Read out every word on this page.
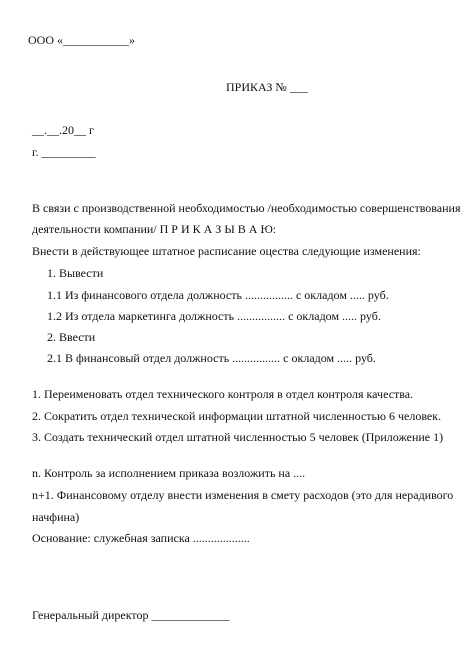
ООО «___________»
ПРИКАЗ № ___
__.__.20__ г
г. _________
В связи с производственной необходимостью /необходимостью совершенствования
деятельности компании/ П Р И К А З Ы В А Ю:
Внести в действующее штатное расписание оцества следующие изменения:
1. Вывести
1.1 Из финансового отдела должность ................ с окладом ..... руб.
1.2 Из отдела маркетинга должность ................ с окладом ..... руб.
2. Ввести
2.1 В финансовый отдел должность ................ с окладом ..... руб.
1. Переименовать отдел технического контроля в отдел контроля качества.
2. Сократить отдел технической информации штатной численностью 6 человек.
3. Создать технический отдел штатной численностью 5 человек (Приложение 1)
n. Контроль за исполнением приказа возложить на ....
n+1. Финансовому отделу внести изменения в смету расходов (это для нерадивого
начфина)
Основание: служебная записка ...................
Генеральный директор _____________
